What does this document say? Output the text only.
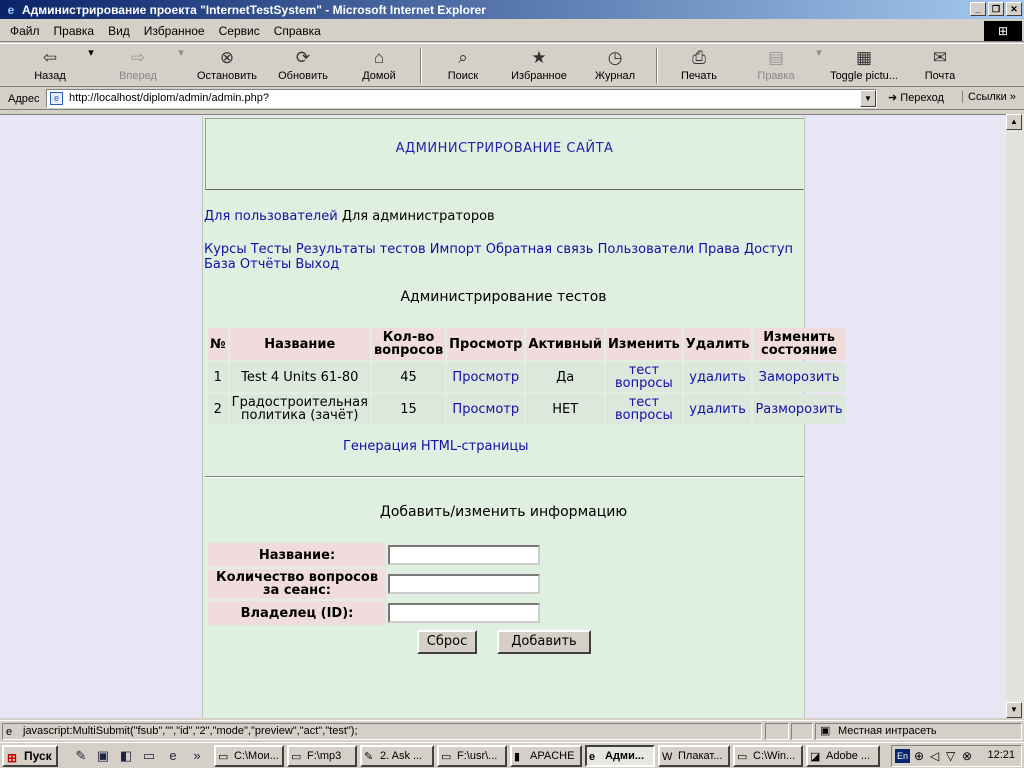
e Администрирование проекта "InternetTestSystem" - Microsoft Internet Explorer	_	❐	✕
Файл Правка Вид Избранное Сервис Справка	⊞
⇦
Назад
▾	⇨
Вперед
▾	⊗
Остановить
⟳
Обновить
⌂
Домой
⌕
Поиск
★
Избранное
◷
Журнал
⎙
Печать
▤
Правка
▾	▦
Toggle pictu...
✉
Почта
Адрес	e http://localhost/diplom/admin/admin.php?	▼	➜ Переход	Ссылки »
АДМИНИСТРИРОВАНИЕ САЙТА
Для пользователей Для администраторов
Курсы Тесты Результаты тестов Импорт Обратная связь Пользователи Права Доступ База Отчёты Выход
Администрирование тестов
№	Название	Кол-во вопросов	Просмотр	Активный	Изменить	Удалить	Изменить состояние
1	Test 4 Units 61-80	45	Просмотр	Да	тест вопросы	удалить	Заморозить
2	Градостроительная политика (зачёт)	15	Просмотр	НЕТ	тест вопросы	удалить	Разморозить
Генерация HTML-страницы
Добавить/изменить информацию
Название:	
Количество вопросов за сеанс:	
Владелец (ID):	
Сброс	Добавить
▲
▼
e javascript:MultiSubmit("fsub","","id","2","mode","preview","act","test");	▣ Местная интрасеть
⊞ Пуск	✎ ▣ ◧ ▭	e	»	▭ C:\Мои...	▭ F:\mp3	✎ 2. Ask ...	▭ F:\usr\...	▮ APACHE	e Адми...	W Плакат...	▭ C:\Win...	◪ Adobe ...	En ⊕ ◁ ▽ ⊗ 12:21
